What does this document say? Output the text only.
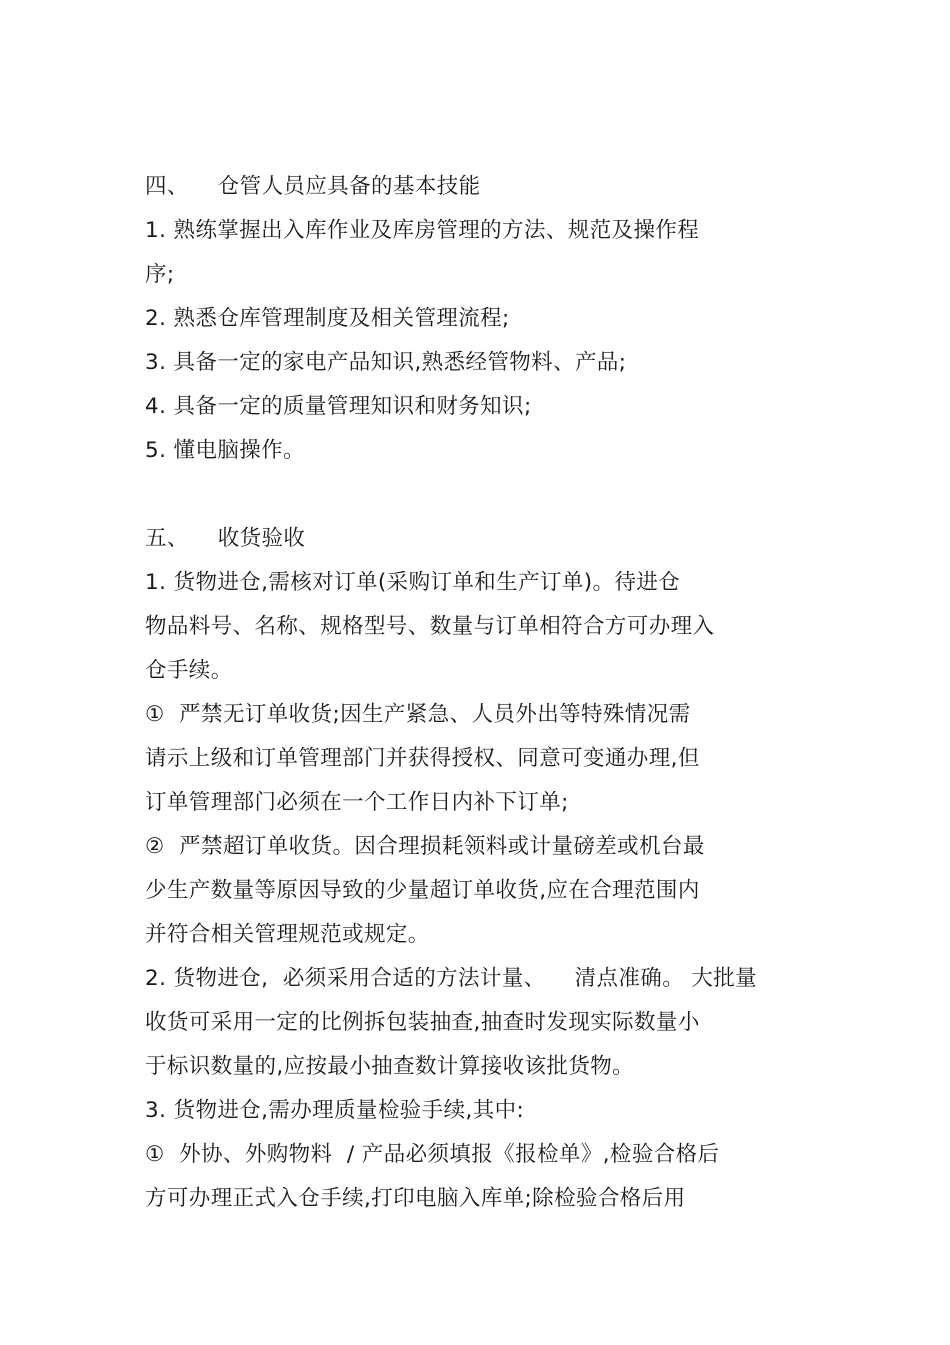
四、    仓管人员应具备的基本技能
1. 熟练掌握出入库作业及库房管理的方法、规范及操作程
序;
2. 熟悉仓库管理制度及相关管理流程;
3. 具备一定的家电产品知识,熟悉经管物料、产品;
4. 具备一定的质量管理知识和财务知识;
5. 懂电脑操作。
五、    收货验收
1. 货物进仓,需核对订单(采购订单和生产订单)。待进仓
物品料号、名称、规格型号、数量与订单相符合方可办理入
仓手续。
①  严禁无订单收货;因生产紧急、人员外出等特殊情况需
请示上级和订单管理部门并获得授权、同意可变通办理,但
订单管理部门必须在一个工作日内补下订单;
②  严禁超订单收货。因合理损耗领料或计量磅差或机台最
少生产数量等原因导致的少量超订单收货,应在合理范围内
并符合相关管理规范或规定。
2. 货物进仓,  必须采用合适的方法计量、    清点准确。 大批量
收货可采用一定的比例拆包装抽查,抽查时发现实际数量小
于标识数量的,应按最小抽查数计算接收该批货物。
3. 货物进仓,需办理质量检验手续,其中:
①  外协、外购物料  / 产品必须填报《报检单》,检验合格后
方可办理正式入仓手续,打印电脑入库单;除检验合格后用
